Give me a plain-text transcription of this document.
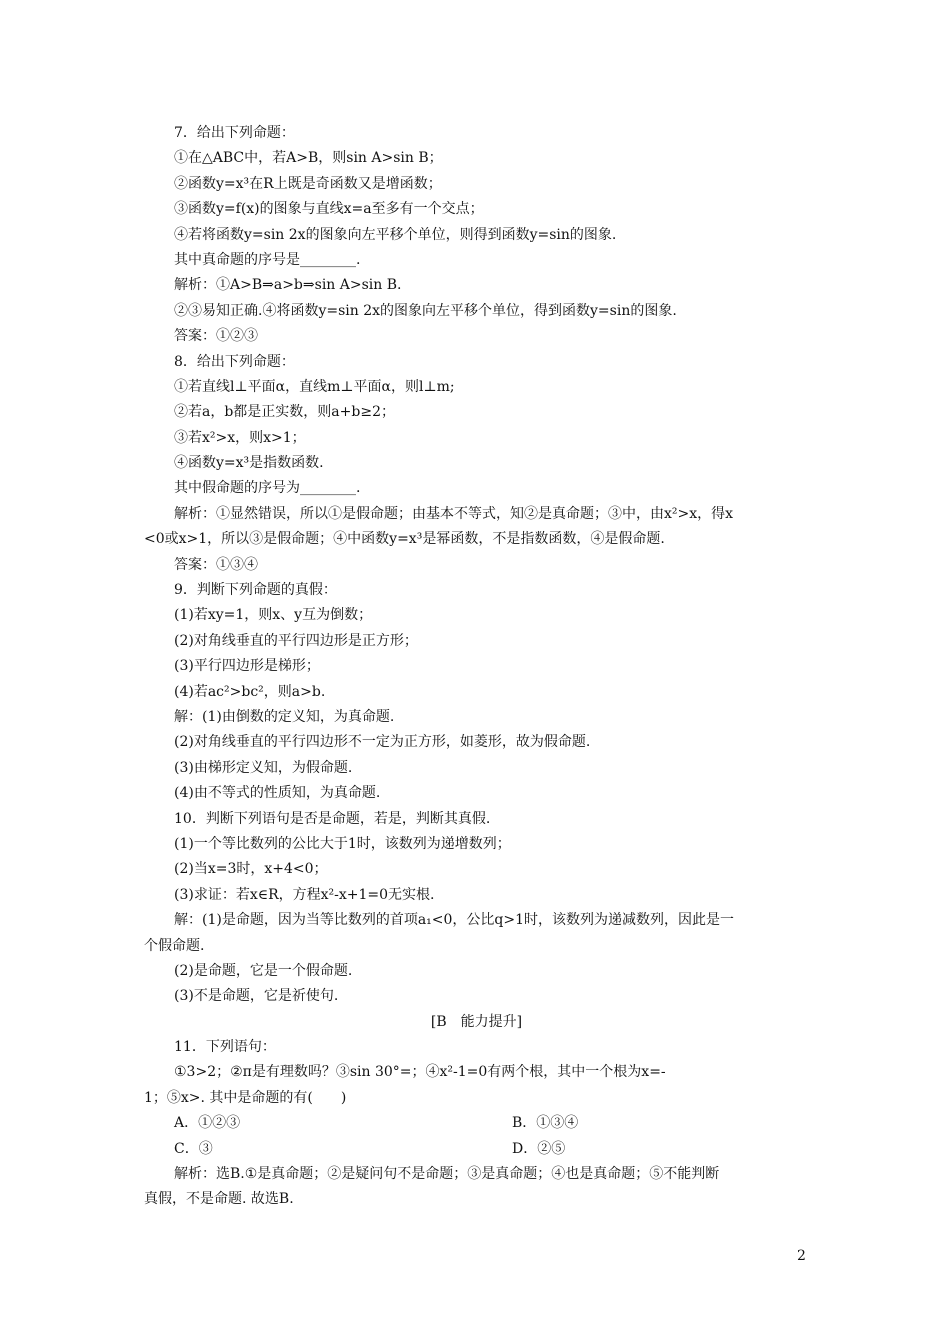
7．给出下列命题：
①在△ABC中，若A>B，则sin A>sin B；
②函数y=x³在R上既是奇函数又是增函数；
③函数y=f(x)的图象与直线x=a至多有一个交点；
④若将函数y=sin 2x的图象向左平移个单位，则得到函数y=sin的图象.
其中真命题的序号是________.
解析：①A>B⇒a>b⇒sin A>sin B.
②③易知正确.④将函数y=sin 2x的图象向左平移个单位，得到函数y=sin的图象.
答案：①②③
8．给出下列命题：
①若直线l⊥平面α，直线m⊥平面α，则l⊥m;
②若a，b都是正实数，则a+b≥2；
③若x²>x，则x>1；
④函数y=x³是指数函数.
其中假命题的序号为________.
解析：①显然错误，所以①是假命题；由基本不等式，知②是真命题；③中，由x²>x，得x
<0或x>1，所以③是假命题；④中函数y=x³是幂函数，不是指数函数，④是假命题.
答案：①③④
9．判断下列命题的真假：
(1)若xy=1，则x、y互为倒数；
(2)对角线垂直的平行四边形是正方形；
(3)平行四边形是梯形；
(4)若ac²>bc²，则a>b.
解：(1)由倒数的定义知，为真命题.
(2)对角线垂直的平行四边形不一定为正方形，如菱形，故为假命题.
(3)由梯形定义知，为假命题.
(4)由不等式的性质知，为真命题.
10．判断下列语句是否是命题，若是，判断其真假.
(1)一个等比数列的公比大于1时，该数列为递增数列；
(2)当x=3时，x+4<0；
(3)求证：若x∈R，方程x²-x+1=0无实根.
解：(1)是命题，因为当等比数列的首项a₁<0，公比q>1时，该数列为递减数列，因此是一
个假命题.
(2)是命题，它是一个假命题.
(3)不是命题，它是祈使句.
[B　能力提升]
11．下列语句：
①3>2；②π是有理数吗？③sin 30°=；④x²-1=0有两个根，其中一个根为x=-
1；⑤x>. 其中是命题的有(　　)
A．①②③	B．①③④
C．③	D．②⑤
解析：选B.①是真命题；②是疑问句不是命题；③是真命题；④也是真命题；⑤不能判断
真假，不是命题. 故选B.
2
